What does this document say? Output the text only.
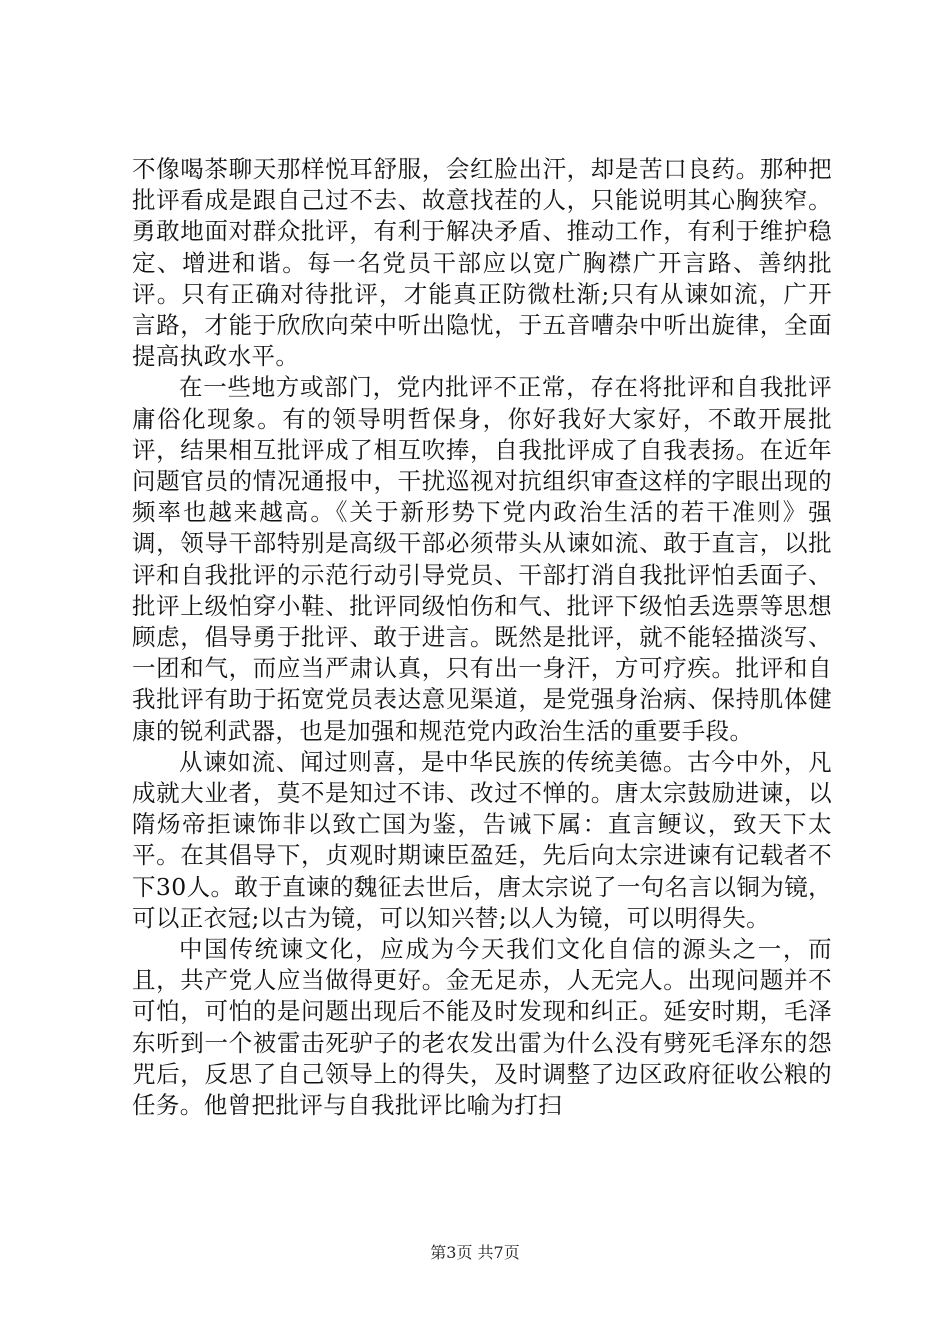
不像喝茶聊天那样悦耳舒服，会红脸出汗，却是苦口良药。那种把批评看成是跟自己过不去、故意找茬的人，只能说明其心胸狭窄。勇敢地面对群众批评，有利于解决矛盾、推动工作，有利于维护稳定、增进和谐。每一名党员干部应以宽广胸襟广开言路、善纳批评。只有正确对待批评，才能真正防微杜渐;只有从谏如流，广开言路，才能于欣欣向荣中听出隐忧，于五音嘈杂中听出旋律，全面提高执政水平。

在一些地方或部门，党内批评不正常，存在将批评和自我批评庸俗化现象。有的领导明哲保身，你好我好大家好，不敢开展批评，结果相互批评成了相互吹捧，自我批评成了自我表扬。在近年问题官员的情况通报中，干扰巡视对抗组织审查这样的字眼出现的频率也越来越高。《关于新形势下党内政治生活的若干准则》强调，领导干部特别是高级干部必须带头从谏如流、敢于直言，以批评和自我批评的示范行动引导党员、干部打消自我批评怕丢面子、批评上级怕穿小鞋、批评同级怕伤和气、批评下级怕丢选票等思想顾虑，倡导勇于批评、敢于进言。既然是批评，就不能轻描淡写、一团和气，而应当严肃认真，只有出一身汗，方可疗疾。批评和自我批评有助于拓宽党员表达意见渠道，是党强身治病、保持肌体健康的锐利武器，也是加强和规范党内政治生活的重要手段。

从谏如流、闻过则喜，是中华民族的传统美德。古今中外，凡成就大业者，莫不是知过不讳、改过不惮的。唐太宗鼓励进谏，以隋炀帝拒谏饰非以致亡国为鉴，告诫下属：直言鲠议，致天下太平。在其倡导下，贞观时期谏臣盈廷，先后向太宗进谏有记载者不下30人。敢于直谏的魏征去世后，唐太宗说了一句名言以铜为镜，可以正衣冠;以古为镜，可以知兴替;以人为镜，可以明得失。

中国传统谏文化，应成为今天我们文化自信的源头之一，而且，共产党人应当做得更好。金无足赤，人无完人。出现问题并不可怕，可怕的是问题出现后不能及时发现和纠正。延安时期，毛泽东听到一个被雷击死驴子的老农发出雷为什么没有劈死毛泽东的怨咒后，反思了自己领导上的得失，及时调整了边区政府征收公粮的任务。他曾把批评与自我批评比喻为打扫

第3页 共7页
